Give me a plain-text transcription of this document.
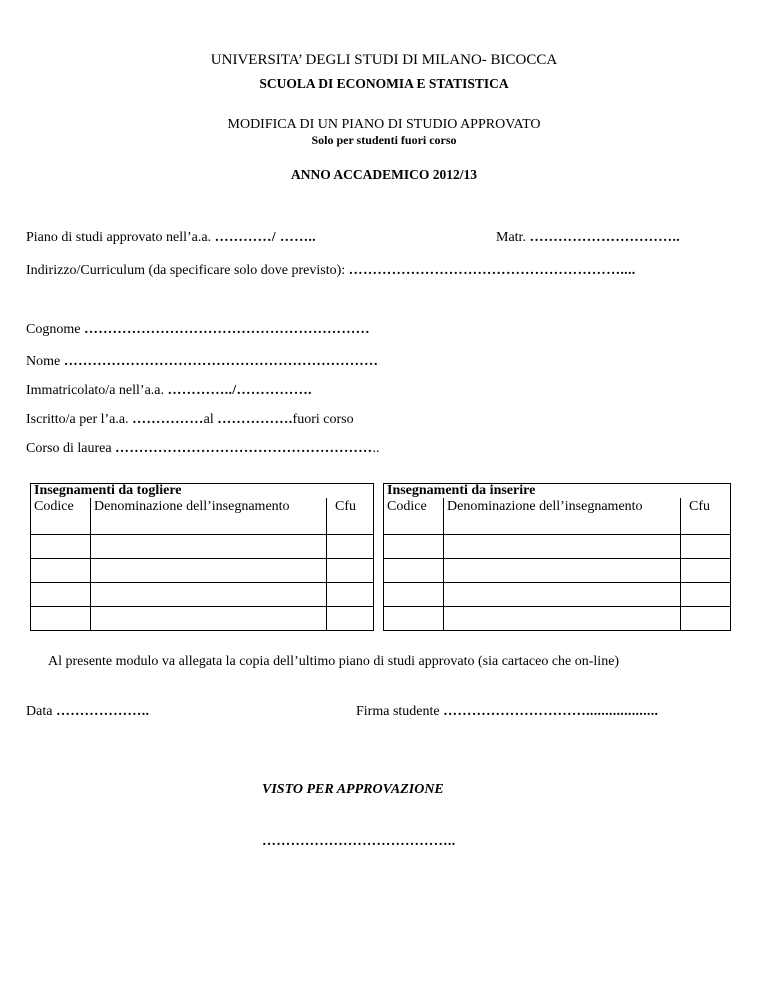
UNIVERSITA’ DEGLI STUDI DI MILANO- BICOCCA
SCUOLA DI ECONOMIA E STATISTICA
MODIFICA DI UN PIANO DI STUDIO APPROVATO
Solo per studenti fuori corso
ANNO ACCADEMICO 2012/13
Piano di studi approvato nell’a.a. …………/ ……..	Matr. …………………………..
Indirizzo/Curriculum (da specificare solo dove previsto): …………………………………………………....
Cognome ……………………………………………………
Nome …………………………………………………………
Immatricolato/a nell’a.a. …………../…………….
Iscritto/a per l’a.a. ……………al …………….fuori corso
Corso di laurea ………………………………………………..
Insegnamenti da togliere				Insegnamenti da inserire		
Codice	Denominazione dell’insegnamento	Cfu		Codice	Denominazione dell’insegnamento	Cfu

Al presente modulo va allegata la copia dell’ultimo piano di studi approvato (sia cartaceo che on-line)
Data ………………..	Firma studente …………………………...................
VISTO PER APPROVAZIONE
…………………………………..
